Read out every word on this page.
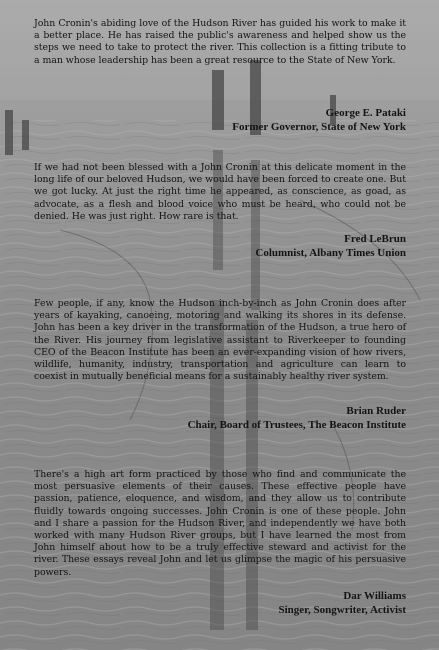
John Cronin's abiding love of the Hudson River has guided his work to make it a better place. He has raised the public's awareness and helped show us the steps we need to take to protect the river. This collection is a fitting tribute to a man whose leadership has been a great resource to the State of New York.

George E. Pataki
Former Governor, State of New York

If we had not been blessed with a John Cronin at this delicate moment in the long life of our beloved Hudson, we would have been forced to create one. But we got lucky. At just the right time he appeared, as conscience, as goad, as advocate, as a flesh and blood voice who must be heard, who could not be denied. He was just right. How rare is that.

Fred LeBrun
Columnist, Albany Times Union

Few people, if any, know the Hudson inch-by-inch as John Cronin does after years of kayaking, canoeing, motoring and walking its shores in its defense. John has been a key driver in the transformation of the Hudson, a true hero of the River. His journey from legislative assistant to Riverkeeper to founding CEO of the Beacon Institute has been an ever-expanding vision of how rivers, wildlife, humanity, industry, transportation and agriculture can learn to coexist in mutually beneficial means for a sustainably healthy river system.

Brian Ruder
Chair, Board of Trustees, The Beacon Institute

There's a high art form practiced by those who find and communicate the most persuasive elements of their causes. These effective people have passion, patience, eloquence, and wisdom, and they allow us to contribute fluidly towards ongoing successes. John Cronin is one of these people. John and I share a passion for the Hudson River, and independently we have both worked with many Hudson River groups, but I have learned the most from John himself about how to be a truly effective steward and activist for the river. These essays reveal John and let us glimpse the magic of his persuasive powers.

Dar Williams
Singer, Songwriter, Activist
